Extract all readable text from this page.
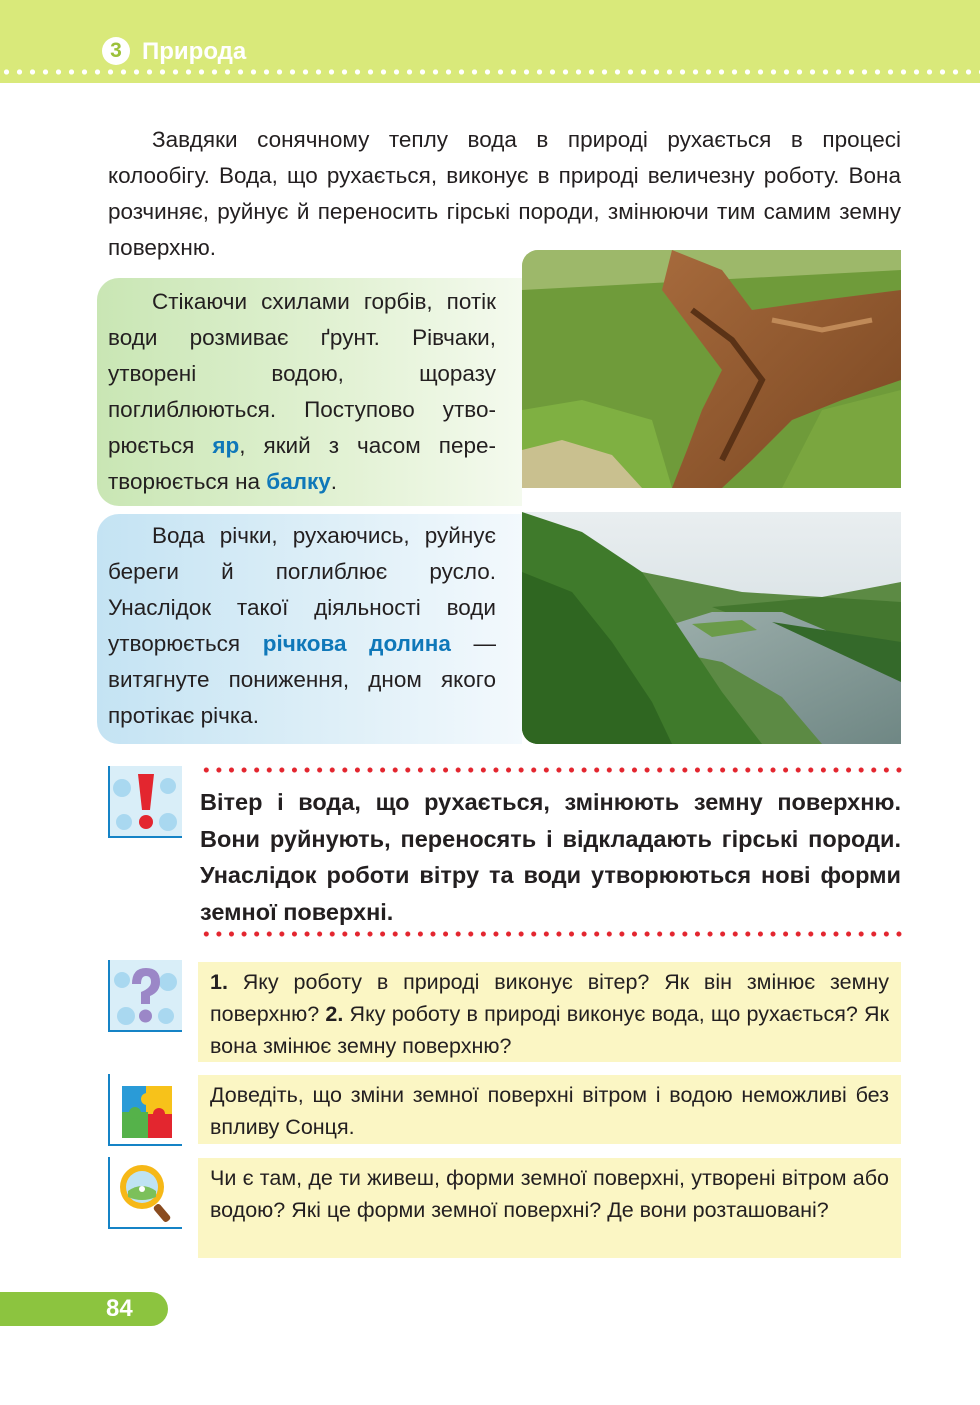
3 Природа
Завдяки сонячному теплу вода в природі рухається в процесі колообігу. Вода, що рухається, виконує в природі величезну роботу. Вона розчиняє, руйнує й переносить гірські породи, змінюючи тим самим земну поверхню.
Стікаючи схилами горбів, потік води розмиває ґрунт. Рівчаки, утворені водою, щоразу поглиблюються. Поступово утворюється яр, який з часом перетворюється на балку.
Вода річки, рухаючись, руйнує береги й поглиблює русло. Унаслідок такої діяльності води утворюється річкова долина — витягнуте пониження, дном якого протікає річка.
Вітер і вода, що рухається, змінюють земну поверхню. Вони руйнують, переносять і відкладають гірські породи. Унаслідок роботи вітру та води утворюються нові форми земної поверхні.
1. Яку роботу в природі виконує вітер? Як він змінює земну поверхню? 2. Яку роботу в природі виконує вода, що рухається? Як вона змінює земну поверхню?
Доведіть, що зміни земної поверхні вітром і водою неможливі без впливу Сонця.
Чи є там, де ти живеш, форми земної поверхні, утворені вітром або водою? Які це форми земної поверхні? Де вони розташовані?
84
